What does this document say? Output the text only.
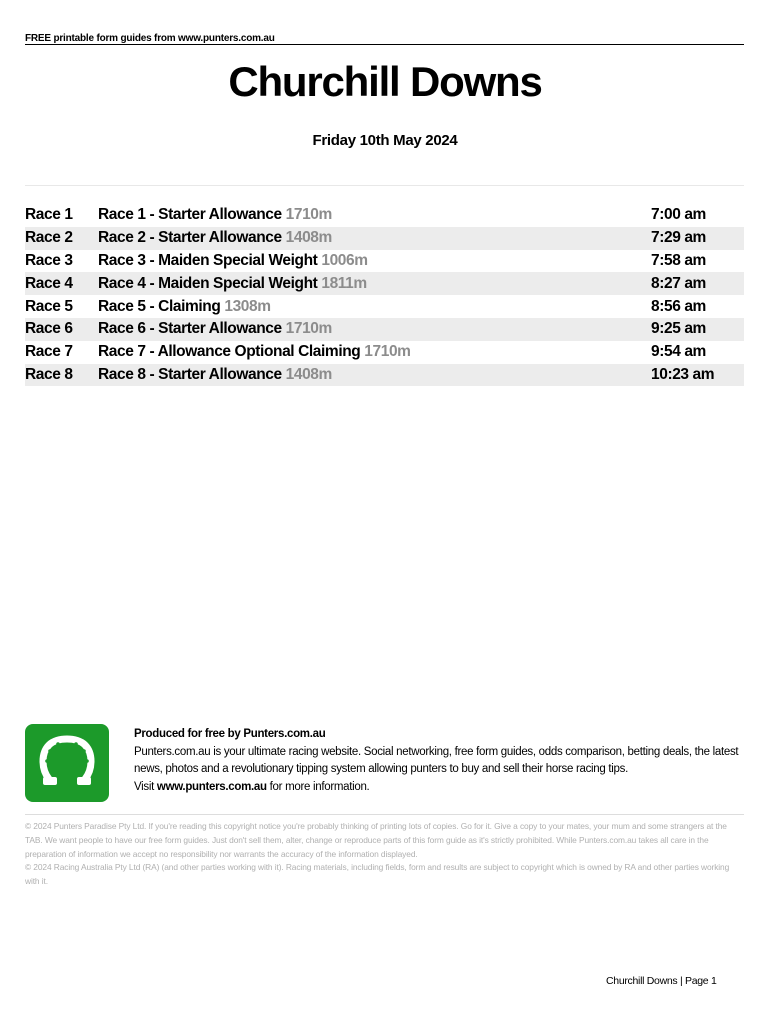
FREE printable form guides from www.punters.com.au
Churchill Downs
Friday 10th May 2024
Race 1	Race 1 - Starter Allowance 1710m	7:00 am
Race 2	Race 2 - Starter Allowance 1408m	7:29 am
Race 3	Race 3 - Maiden Special Weight 1006m	7:58 am
Race 4	Race 4 - Maiden Special Weight 1811m	8:27 am
Race 5	Race 5 - Claiming 1308m	8:56 am
Race 6	Race 6 - Starter Allowance 1710m	9:25 am
Race 7	Race 7 - Allowance Optional Claiming 1710m	9:54 am
Race 8	Race 8 - Starter Allowance 1408m	10:23 am
Produced for free by Punters.com.au
Punters.com.au is your ultimate racing website. Social networking, free form guides, odds comparison, betting deals, the latest news, photos and a revolutionary tipping system allowing punters to buy and sell their horse racing tips.
Visit www.punters.com.au for more information.
© 2024 Punters Paradise Pty Ltd. If you're reading this copyright notice you're probably thinking of printing lots of copies. Go for it. Give a copy to your mates, your mum and some strangers at the TAB. We want people to have our free form guides. Just don't sell them, alter, change or reproduce parts of this form guide as it's strictly prohibited. While Punters.com.au takes all care in the preparation of information we accept no responsibility nor warrants the accuracy of the information displayed.
© 2024 Racing Australia Pty Ltd (RA) (and other parties working with it). Racing materials, including fields, form and results are subject to copyright which is owned by RA and other parties working with it.
Churchill Downs | Page 1
